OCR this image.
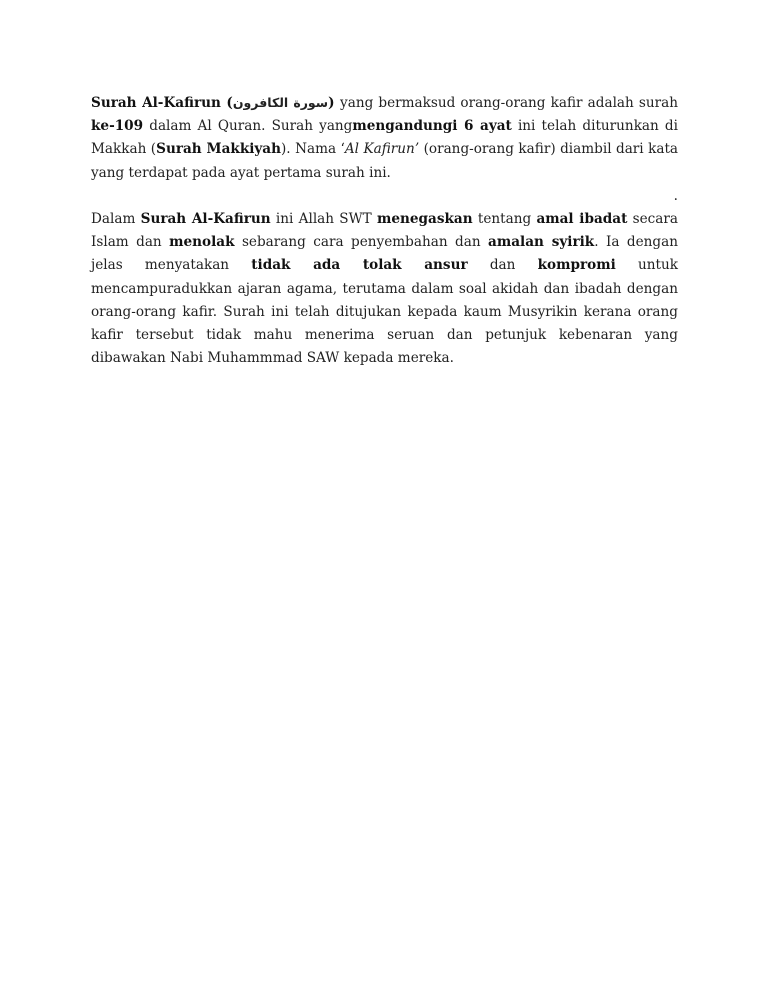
Surah Al-Kafirun (سورة الكافرون) yang bermaksud orang-orang kafir adalah surah ke-109 dalam Al Quran. Surah yangmengandungi 6 ayat ini telah diturunkan di Makkah (Surah Makkiyah). Nama ‘Al Kafirun’ (orang-orang kafir) diambil dari kata yang terdapat pada ayat pertama surah ini.

.

Dalam Surah Al-Kafirun ini Allah SWT menegaskan tentang amal ibadat secara Islam dan menolak sebarang cara penyembahan dan amalan syirik. Ia dengan jelas menyatakan tidak ada tolak ansur dan kompromi untuk mencampuradukkan ajaran agama, terutama dalam soal akidah dan ibadah dengan orang-orang kafir. Surah ini telah ditujukan kepada kaum Musyrikin kerana orang kafir tersebut tidak mahu menerima seruan dan petunjuk kebenaran yang dibawakan Nabi Muhammmad SAW kepada mereka.
